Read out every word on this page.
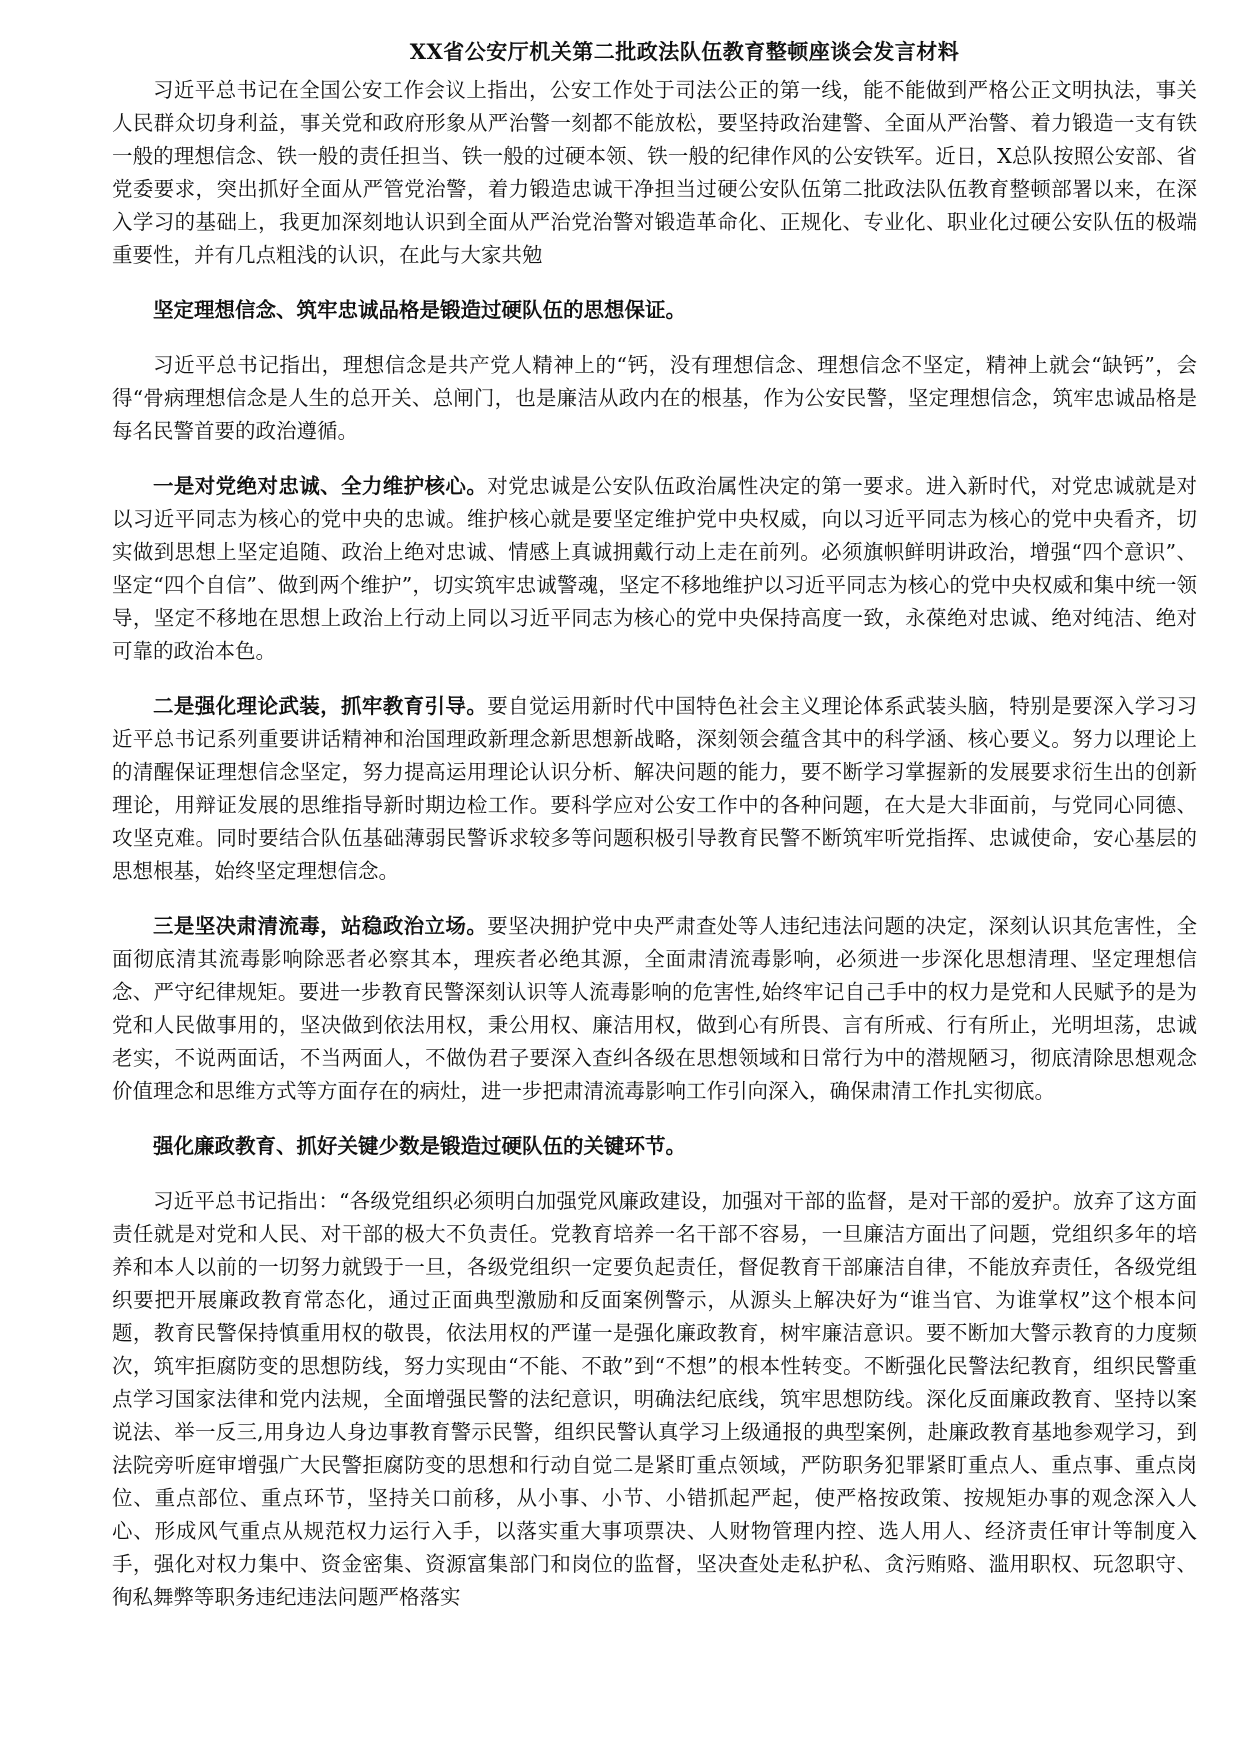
XX省公安厅机关第二批政法队伍教育整顿座谈会发言材料

习近平总书记在全国公安工作会议上指出，公安工作处于司法公正的第一线，能不能做到严格公正文明执法，事关人民群众切身利益，事关党和政府形象从严治警一刻都不能放松，要坚持政治建警、全面从严治警、着力锻造一支有铁一般的理想信念、铁一般的责任担当、铁一般的过硬本领、铁一般的纪律作风的公安铁军。近日，X总队按照公安部、省党委要求，突出抓好全面从严管党治警，着力锻造忠诚干净担当过硬公安队伍第二批政法队伍教育整顿部署以来，在深入学习的基础上，我更加深刻地认识到全面从严治党治警对锻造革命化、正规化、专业化、职业化过硬公安队伍的极端重要性，并有几点粗浅的认识，在此与大家共勉

坚定理想信念、筑牢忠诚品格是锻造过硬队伍的思想保证。

习近平总书记指出，理想信念是共产党人精神上的“钙，没有理想信念、理想信念不坚定，精神上就会“缺钙”，会得“骨病理想信念是人生的总开关、总闸门，也是廉洁从政内在的根基，作为公安民警，坚定理想信念，筑牢忠诚品格是每名民警首要的政治遵循。

一是对党绝对忠诚、全力维护核心。对党忠诚是公安队伍政治属性决定的第一要求。进入新时代，对党忠诚就是对以习近平同志为核心的党中央的忠诚。维护核心就是要坚定维护党中央权威，向以习近平同志为核心的党中央看齐，切实做到思想上坚定追随、政治上绝对忠诚、情感上真诚拥戴行动上走在前列。必须旗帜鲜明讲政治，增强“四个意识”、坚定“四个自信”、做到两个维护”，切实筑牢忠诚警魂，坚定不移地维护以习近平同志为核心的党中央权威和集中统一领导，坚定不移地在思想上政治上行动上同以习近平同志为核心的党中央保持高度一致，永葆绝对忠诚、绝对纯洁、绝对可靠的政治本色。

二是强化理论武装，抓牢教育引导。要自觉运用新时代中国特色社会主义理论体系武装头脑，特别是要深入学习习近平总书记系列重要讲话精神和治国理政新理念新思想新战略，深刻领会蕴含其中的科学涵、核心要义。努力以理论上的清醒保证理想信念坚定，努力提高运用理论认识分析、解决问题的能力，要不断学习掌握新的发展要求衍生出的创新理论，用辩证发展的思维指导新时期边检工作。要科学应对公安工作中的各种问题，在大是大非面前，与党同心同德、攻坚克难。同时要结合队伍基础薄弱民警诉求较多等问题积极引导教育民警不断筑牢听党指挥、忠诚使命，安心基层的思想根基，始终坚定理想信念。

三是坚决肃清流毒，站稳政治立场。要坚决拥护党中央严肃查处等人违纪违法问题的决定，深刻认识其危害性，全面彻底清其流毒影响除恶者必察其本，理疾者必绝其源，全面肃清流毒影响，必须进一步深化思想清理、坚定理想信念、严守纪律规矩。要进一步教育民警深刻认识等人流毒影响的危害性,始终牢记自己手中的权力是党和人民赋予的是为党和人民做事用的，坚决做到依法用权，秉公用权、廉洁用权，做到心有所畏、言有所戒、行有所止，光明坦荡，忠诚老实，不说两面话，不当两面人，不做伪君子要深入查纠各级在思想领域和日常行为中的潜规陋习，彻底清除思想观念价值理念和思维方式等方面存在的病灶，进一步把肃清流毒影响工作引向深入，确保肃清工作扎实彻底。

强化廉政教育、抓好关键少数是锻造过硬队伍的关键环节。

习近平总书记指出：“各级党组织必须明白加强党风廉政建设，加强对干部的监督，是对干部的爱护。放弃了这方面责任就是对党和人民、对干部的极大不负责任。党教育培养一名干部不容易，一旦廉洁方面出了问题，党组织多年的培养和本人以前的一切努力就毁于一旦，各级党组织一定要负起责任，督促教育干部廉洁自律，不能放弃责任，各级党组织要把开展廉政教育常态化，通过正面典型激励和反面案例警示，从源头上解决好为“谁当官、为谁掌权”这个根本问题，教育民警保持慎重用权的敬畏，依法用权的严谨一是强化廉政教育，树牢廉洁意识。要不断加大警示教育的力度频次，筑牢拒腐防变的思想防线，努力实现由“不能、不敢”到“不想”的根本性转变。不断强化民警法纪教育，组织民警重点学习国家法律和党内法规，全面增强民警的法纪意识，明确法纪底线，筑牢思想防线。深化反面廉政教育、坚持以案说法、举一反三,用身边人身边事教育警示民警，组织民警认真学习上级通报的典型案例，赴廉政教育基地参观学习，到法院旁听庭审增强广大民警拒腐防变的思想和行动自觉二是紧盯重点领域，严防职务犯罪紧盯重点人、重点事、重点岗位、重点部位、重点环节，坚持关口前移，从小事、小节、小错抓起严起，使严格按政策、按规矩办事的观念深入人心、形成风气重点从规范权力运行入手，以落实重大事项票决、人财物管理内控、选人用人、经济责任审计等制度入手，强化对权力集中、资金密集、资源富集部门和岗位的监督，坚决查处走私护私、贪污贿赂、滥用职权、玩忽职守、徇私舞弊等职务违纪违法问题严格落实
